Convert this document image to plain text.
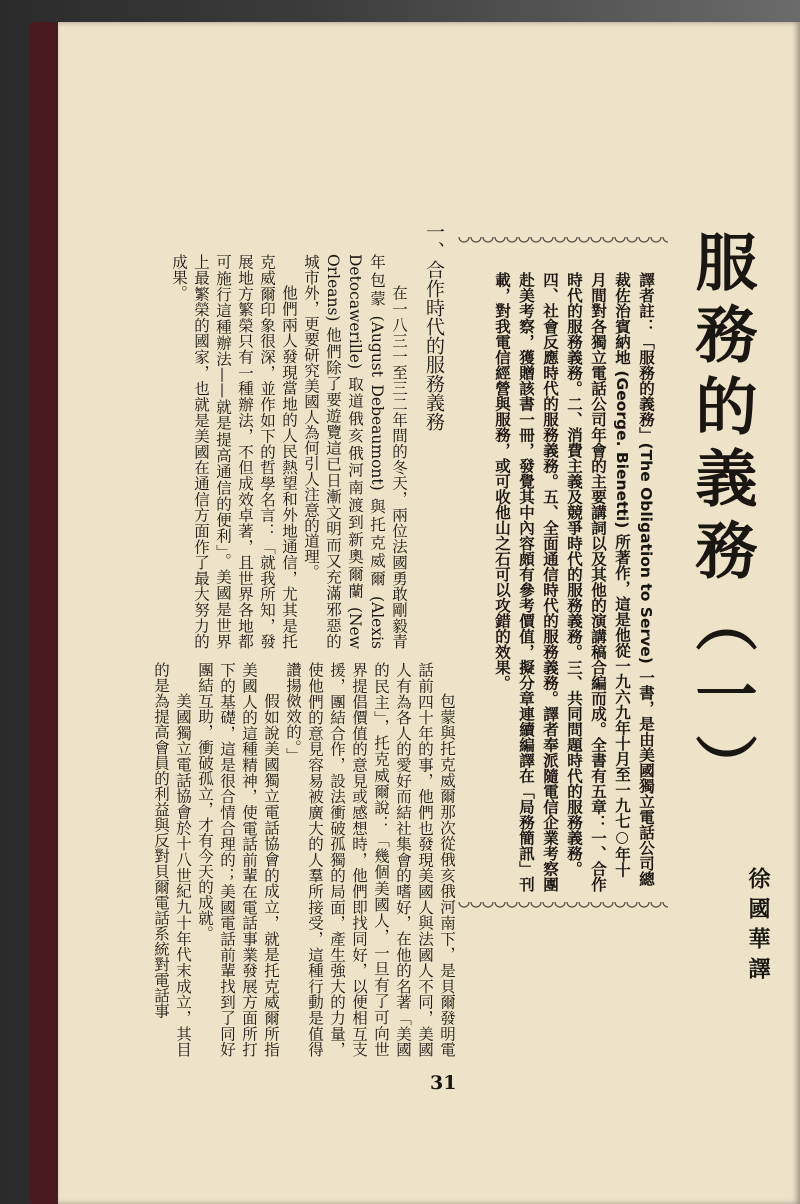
服務的義務（一）
徐國華譯
譯者註：「服務的義務」(The Obligation to Serve) 一書，是由美國獨立電話公司總裁佐治賓納地 (George. Bienetti) 所著作，這是他從一九六九年十月至一九七○年十月間對各獨立電話公司年會的主要講詞以及其他的演講稿合編而成。全書有五章：一、合作時代的服務義務。二、消費主義及競爭時代的服務義務。三、共同問題時代的服務義務。四、社會反應時代的服務義務。五、全面通信時代的服務義務。譯者奉派隨電信企業考察團赴美考察，獲贈該書一冊，發覺其中內容頗有參考價值，擬分章連續編譯在「局務簡訊」刊載，對我電信經營與服務，或可收他山之石可以攻錯的效果。
一、合作時代的服務義務

在一八三一至三二年間的冬天，兩位法國勇敢剛毅青年包蒙 (August Debeaumont) 與托克威爾 (Alexis Detocawerille) 取道俄亥俄河南渡到新奧爾蘭 (New Orleans) 他們除了要遊覽這已日漸文明而又充滿邪惡的城市外，更要研究美國人為何引人注意的道理。

他們兩人發現當地的人民熱望和外地通信，尤其是托克威爾印象很深，並作如下的哲學名言：「就我所知，發展地方繁榮只有一種辦法，不但成效卓著，且世界各地都可施行這種辦法——就是提高通信的便利」。美國是世界上最繁榮的國家，也就是美國在通信方面作了最大努力的成果。

包蒙與托克威爾那次從俄亥俄河南下，是貝爾發明電話前四十年的事，他們也發現美國人與法國人不同，美國人有為各人的愛好而結社集會的嗜好，在他的名著「美國的民主」，托克威爾說：「幾個美國人，一旦有了可向世界提倡價值的意見或感想時，他們即找同好，以便相互支援，團結合作，設法衝破孤獨的局面，產生強大的力量，使他們的意見容易被廣大的人羣所接受，這種行動是值得讚揚傚效的。」

假如說美國獨立電話協會的成立，就是托克威爾所指美國人的這種精神，使電話前輩在電話事業發展方面所打下的基礎，這是很合情合理的；美國電話前輩找到了同好團結互助，衝破孤立，才有今天的成就。

美國獨立電話協會於十八世紀九十年代末成立，其目的是為提高會員的利益與反對貝爾電話系統對電話事

31
